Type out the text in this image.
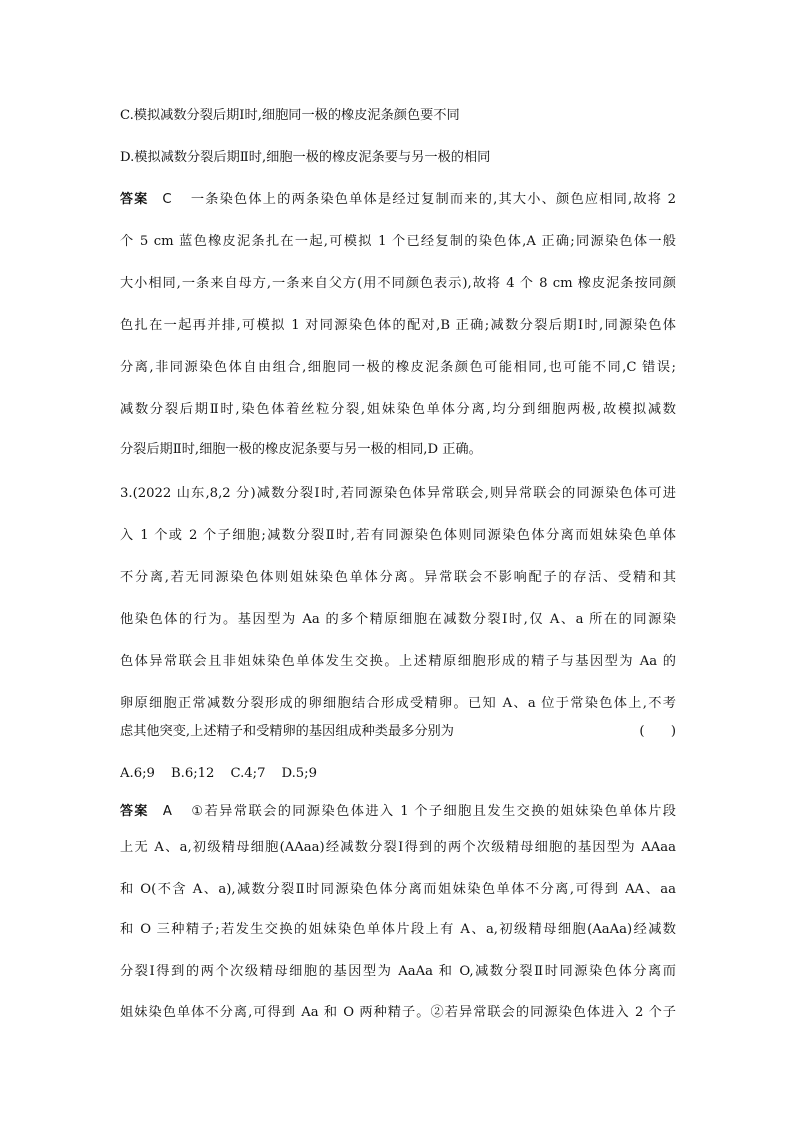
C.模拟减数分裂后期Ⅰ时,细胞同一极的橡皮泥条颜色要不同
D.模拟减数分裂后期Ⅱ时,细胞一极的橡皮泥条要与另一极的相同
答案 C 一条染色体上的两条染色单体是经过复制而来的,其大小、颜色应相同,故将 2
个 5 cm 蓝色橡皮泥条扎在一起,可模拟 1 个已经复制的染色体,A 正确;同源染色体一般
大小相同,一条来自母方,一条来自父方(用不同颜色表示),故将 4 个 8 cm 橡皮泥条按同颜
色扎在一起再并排,可模拟 1 对同源染色体的配对,B 正确;减数分裂后期Ⅰ时,同源染色体
分离,非同源染色体自由组合,细胞同一极的橡皮泥条颜色可能相同,也可能不同,C 错误;
减数分裂后期Ⅱ时,染色体着丝粒分裂,姐妹染色单体分离,均分到细胞两极,故模拟减数
分裂后期Ⅱ时,细胞一极的橡皮泥条要与另一极的相同,D 正确。
3.(2022 山东,8,2 分)减数分裂Ⅰ时,若同源染色体异常联会,则异常联会的同源染色体可进
入 1 个或 2 个子细胞;减数分裂Ⅱ时,若有同源染色体则同源染色体分离而姐妹染色单体
不分离,若无同源染色体则姐妹染色单体分离。异常联会不影响配子的存活、受精和其
他染色体的行为。基因型为 Aa 的多个精原细胞在减数分裂Ⅰ时,仅 A、a 所在的同源染
色体异常联会且非姐妹染色单体发生交换。上述精原细胞形成的精子与基因型为 Aa 的
卵原细胞正常减数分裂形成的卵细胞结合形成受精卵。已知 A、a 位于常染色体上,不考
虑其他突变,上述精子和受精卵的基因组成种类最多分别为	(　　)
A.6;9 B.6;12 C.4;7 D.5;9
答案 A ①若异常联会的同源染色体进入 1 个子细胞且发生交换的姐妹染色单体片段
上无 A、a,初级精母细胞(AAaa)经减数分裂Ⅰ得到的两个次级精母细胞的基因型为 AAaa
和 O(不含 A、a),减数分裂Ⅱ时同源染色体分离而姐妹染色单体不分离,可得到 AA、aa
和 O 三种精子;若发生交换的姐妹染色单体片段上有 A、a,初级精母细胞(AaAa)经减数
分裂Ⅰ得到的两个次级精母细胞的基因型为 AaAa 和 O,减数分裂Ⅱ时同源染色体分离而
姐妹染色单体不分离,可得到 Aa 和 O 两种精子。②若异常联会的同源染色体进入 2 个子
